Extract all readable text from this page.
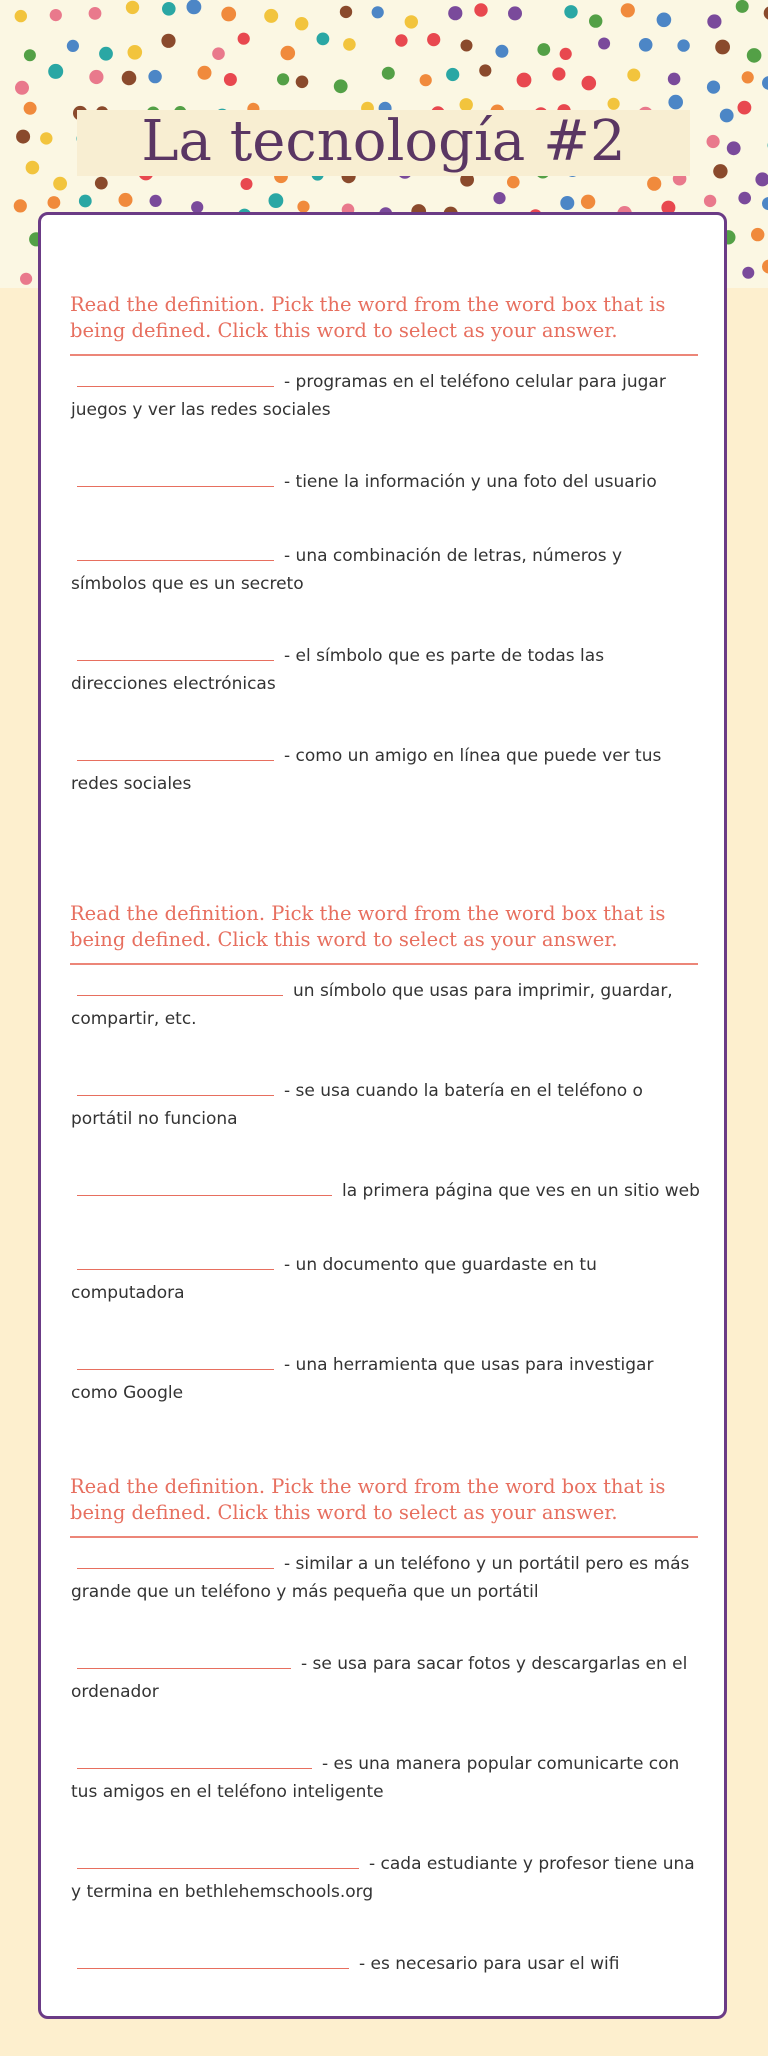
La tecnología #2

Read the definition. Pick the word from the word box that is being defined. Click this word to select as your answer.

- programas en el teléfono celular para jugar juegos y ver las redes sociales
- tiene la información y una foto del usuario
- una combinación de letras, números y símbolos que es un secreto
- el símbolo que es parte de todas las direcciones electrónicas
- como un amigo en línea que puede ver tus redes sociales

Read the definition. Pick the word from the word box that is being defined. Click this word to select as your answer.

un símbolo que usas para imprimir, guardar, compartir, etc.
- se usa cuando la batería en el teléfono o portátil no funciona
la primera página que ves en un sitio web
- un documento que guardaste en tu computadora
- una herramienta que usas para investigar como Google

Read the definition. Pick the word from the word box that is being defined. Click this word to select as your answer.

- similar a un teléfono y un portátil pero es más grande que un teléfono y más pequeña que un portátil
- se usa para sacar fotos y descargarlas en el ordenador
- es una manera popular comunicarte con tus amigos en el teléfono inteligente
- cada estudiante y profesor tiene una y termina en bethlehemschools.org
- es necesario para usar el wifi
